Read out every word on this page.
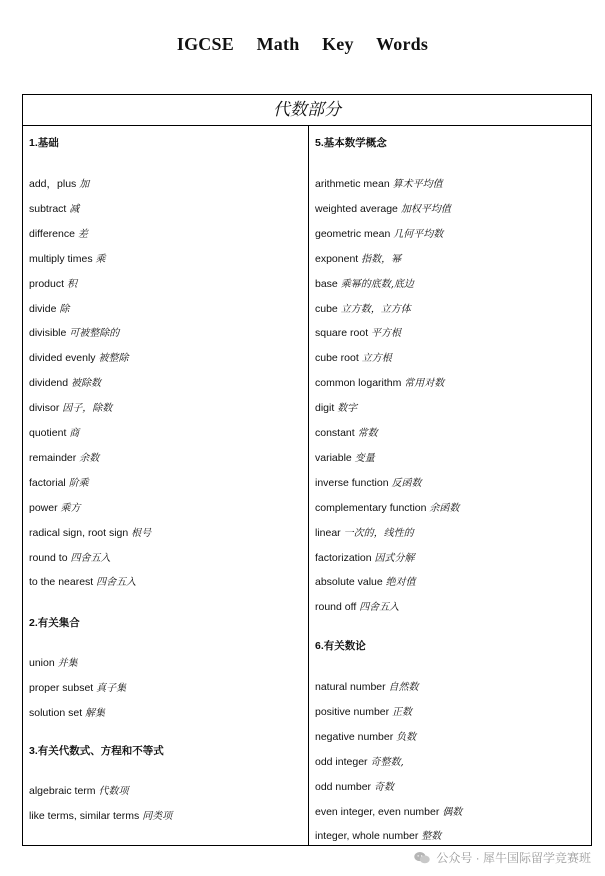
IGCSE Math Key Words
代数部分
1.基础
add，plus 加
subtract 减
difference 差
multiply times 乘
product 积
divide 除
divisible 可被整除的
divided evenly 被整除
dividend 被除数
divisor 因子，除数
quotient 商
remainder 余数
factorial 阶乘
power 乘方
radical sign, root sign 根号
round to 四舍五入
to the nearest 四舍五入
2.有关集合
union 并集
proper subset 真子集
solution set 解集
3.有关代数式、方程和不等式
algebraic term 代数项
like terms, similar terms 同类项
5.基本数学概念
arithmetic mean 算术平均值
weighted average 加权平均值
geometric mean 几何平均数
exponent 指数，幂
base 乘幂的底数,底边
cube 立方数，立方体
square root 平方根
cube root 立方根
common logarithm 常用对数
digit 数字
constant 常数
variable 变量
inverse function 反函数
complementary function 余函数
linear 一次的，线性的
factorization 因式分解
absolute value 绝对值
round off 四舍五入
6.有关数论
natural number 自然数
positive number 正数
negative number 负数
odd integer 奇整数,
odd number 奇数
even integer, even number 偶数
integer, whole number 整数
公众号 · 犀牛国际留学竞赛班
